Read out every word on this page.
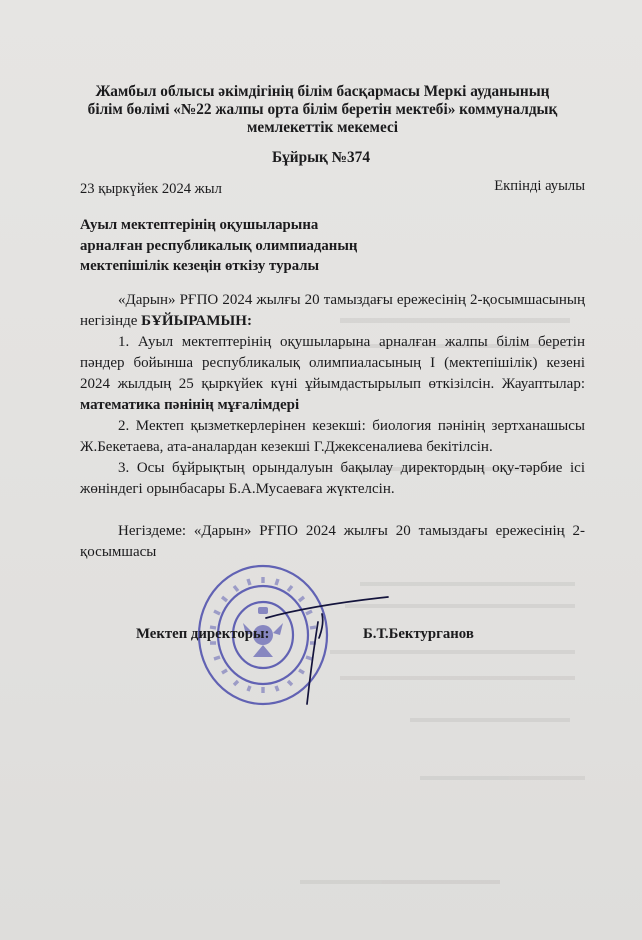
Жамбыл облысы әкімдігінің білім басқармасы Меркі ауданының
білім бөлімі «№22 жалпы орта білім беретін мектебі» коммуналдық
мемлекеттік мекемесі
Бұйрық №374
23 қыркүйек 2024 жыл	Екпінді ауылы
Ауыл мектептерінің оқушыларына
арналған республикалық олимпиаданың
мектепішілік кезеңін өткізу туралы

«Дарын» РҒПО 2024 жылғы 20 тамыздағы ережесінің 2-қосымшасының негізінде БҰЙЫРАМЫН:

1. Ауыл мектептерінің оқушыларына арналған жалпы білім беретін пәндер бойынша республикалық олимпиаласының I (мектепішілік) кезені 2024 жылдың 25 қыркүйек күні ұйымдастырылып өткізілсін. Жауаптылар: математика пәнінің мұғалімдері

2. Мектеп қызметкерлерінен кезекші: биология пәнінің зертханашысы Ж.Бекетаева, ата-аналардан кезекші Г.Джексеналиева бекітілсін.

3. Осы бұйрықтың орындалуын бақылау директордың оқу-тәрбие ісі жөніндегі орынбасары Б.А.Мусаеваға жүктелсін.

Негіздеме: «Дарын» РҒПО 2024 жылғы 20 тамыздағы ережесінің 2-қосымшасы

Мектеп директоры:	Б.Т.Бектурганов
